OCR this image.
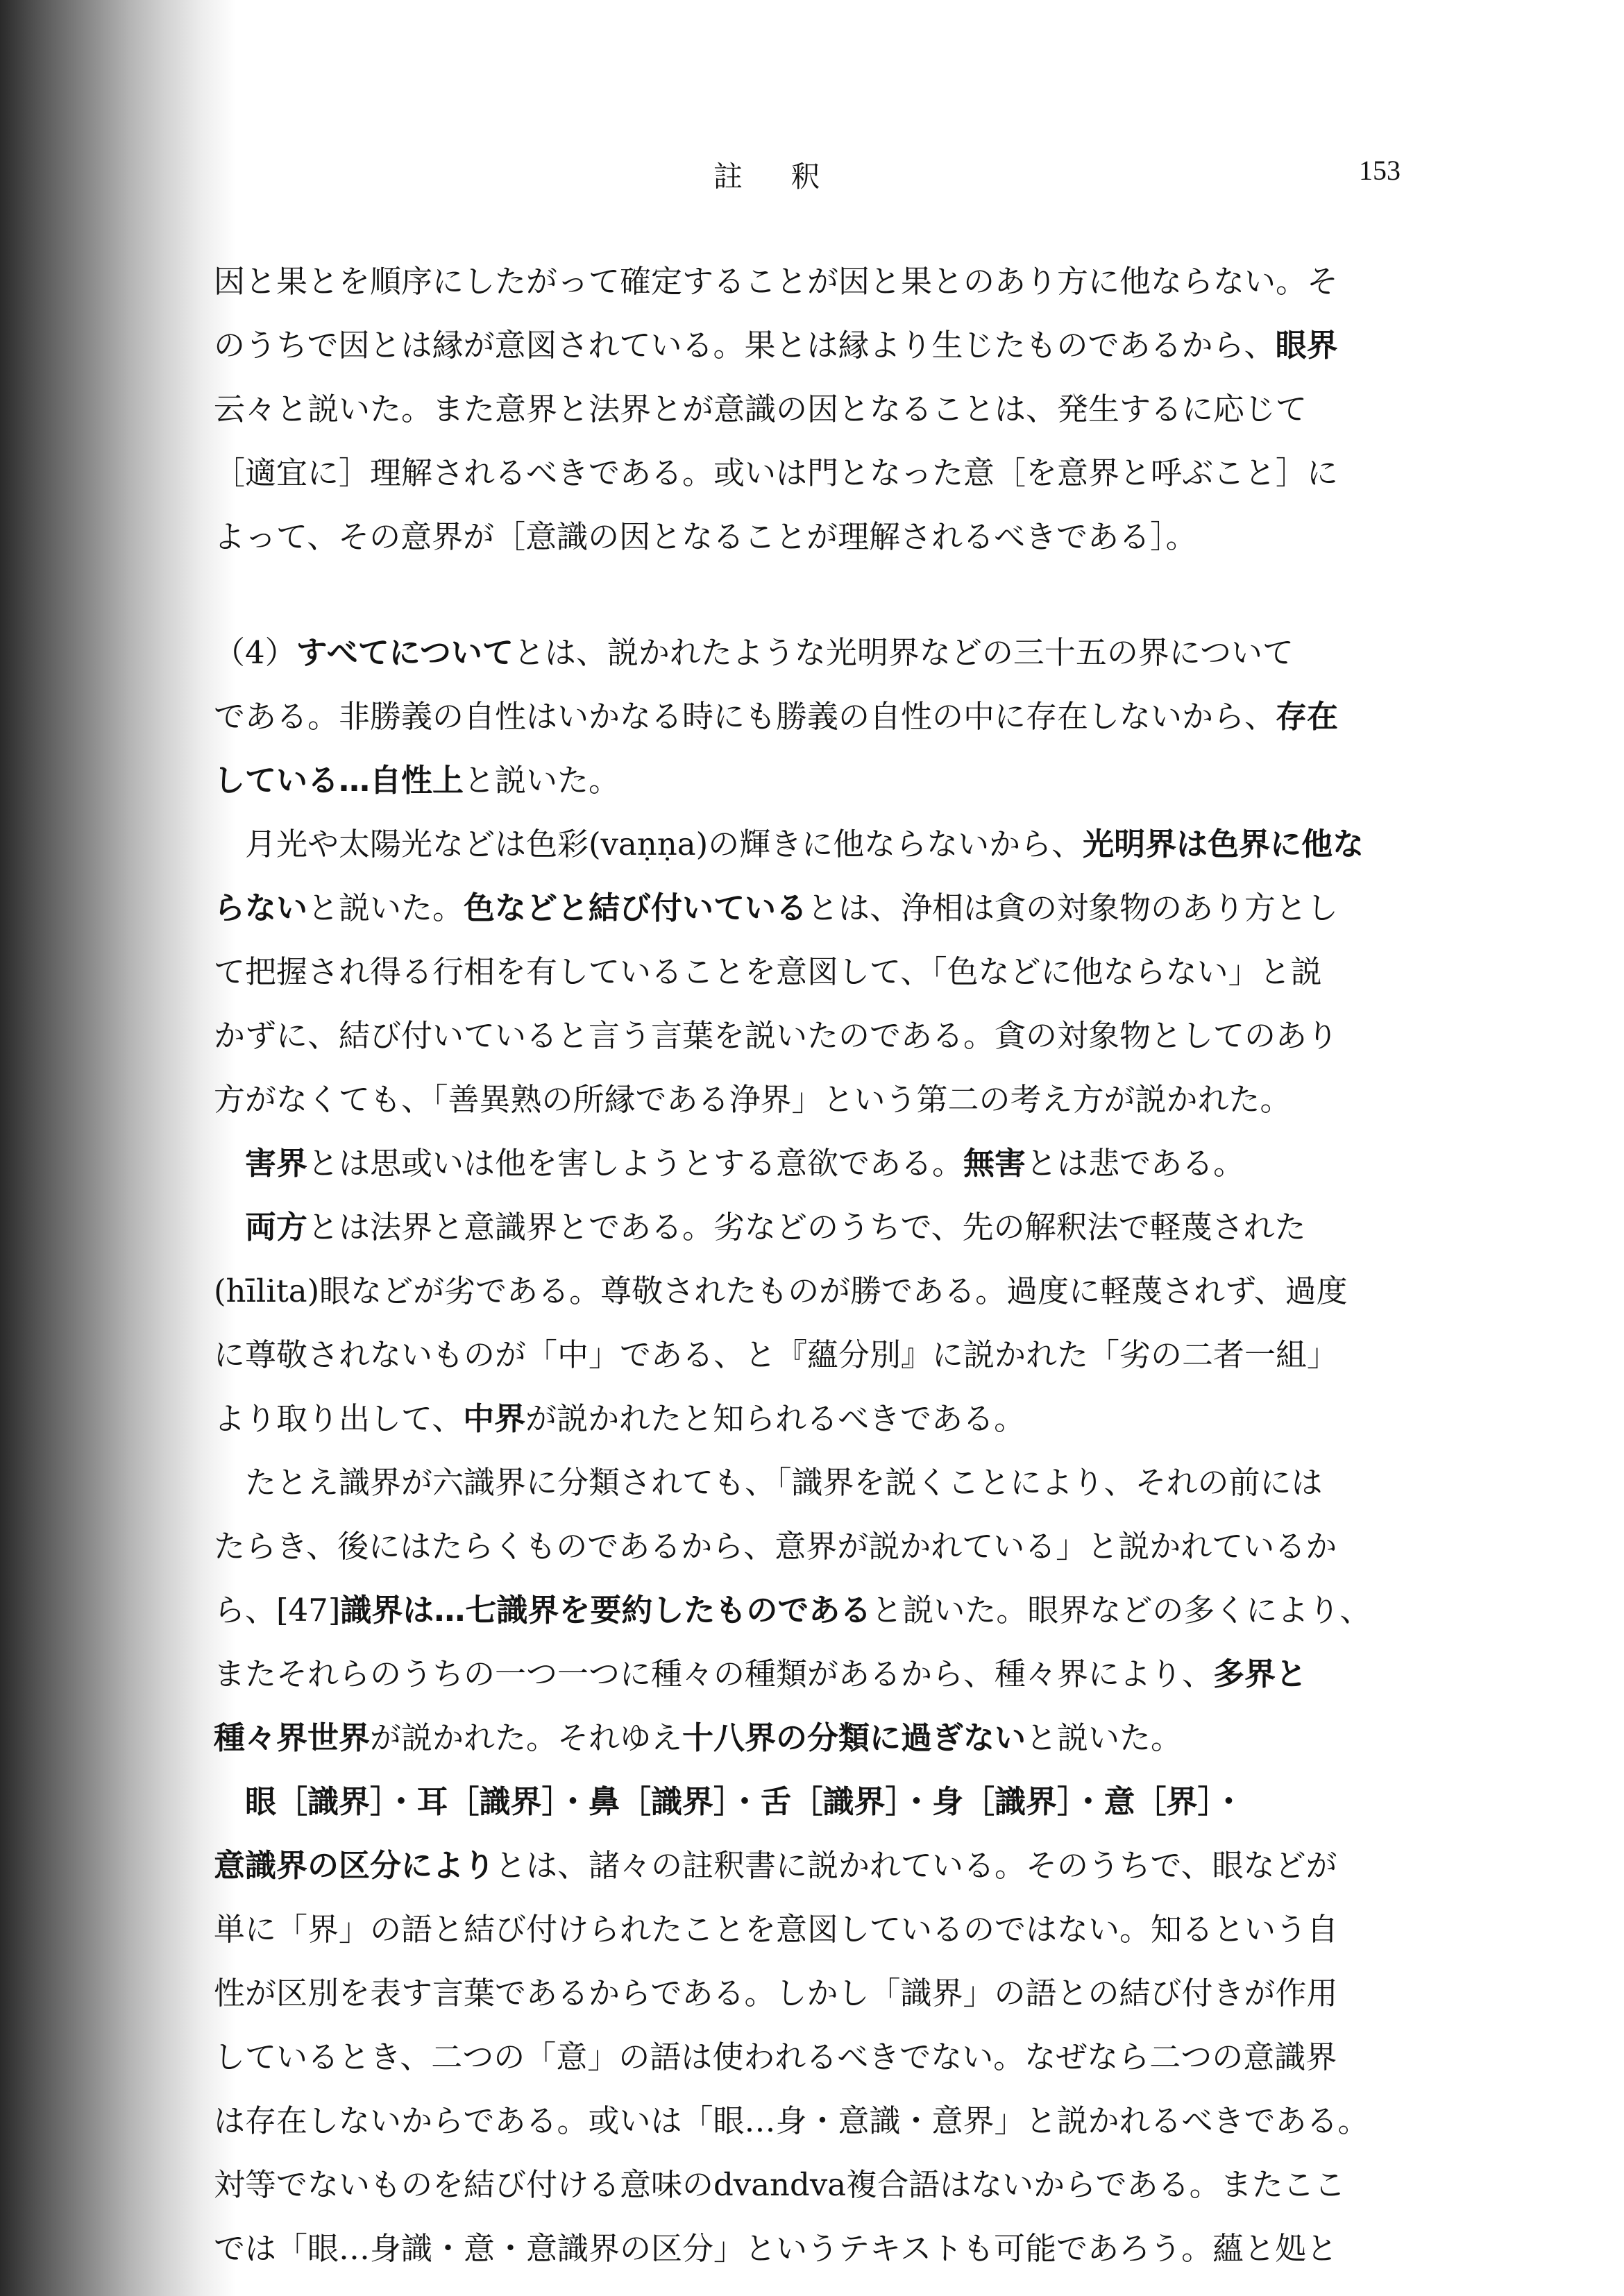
註 釈	153
因と果とを順序にしたがって確定することが因と果とのあり方に他ならない。そ
のうちで因とは縁が意図されている。果とは縁より生じたものであるから、眼界
云々と説いた。また意界と法界とが意識の因となることは、発生するに応じて
［適宜に］理解されるべきである。或いは門となった意［を意界と呼ぶこと］に
よって、その意界が［意識の因となることが理解されるべきである］。
（4）すべてについてとは、説かれたような光明界などの三十五の界について
である。非勝義の自性はいかなる時にも勝義の自性の中に存在しないから、存在
している…自性上と説いた。
　月光や太陽光などは色彩(vaṇṇa)の輝きに他ならないから、光明界は色界に他な
らないと説いた。色などと結び付いているとは、浄相は貪の対象物のあり方とし
て把握され得る行相を有していることを意図して、「色などに他ならない」と説
かずに、結び付いていると言う言葉を説いたのである。貪の対象物としてのあり
方がなくても、「善異熟の所縁である浄界」という第二の考え方が説かれた。
　害界とは思或いは他を害しようとする意欲である。無害とは悲である。
　両方とは法界と意識界とである。劣などのうちで、先の解釈法で軽蔑された
(hīlita)眼などが劣である。尊敬されたものが勝である。過度に軽蔑されず、過度
に尊敬されないものが「中」である、と『蘊分別』に説かれた「劣の二者一組」
より取り出して、中界が説かれたと知られるべきである。
　たとえ識界が六識界に分類されても、「識界を説くことにより、それの前には
たらき、後にはたらくものであるから、意界が説かれている」と説かれているか
ら、[47]識界は…七識界を要約したものであると説いた。眼界などの多くにより、
またそれらのうちの一つ一つに種々の種類があるから、種々界により、多界と
種々界世界が説かれた。それゆえ十八界の分類に過ぎないと説いた。
　眼［識界］・耳［識界］・鼻［識界］・舌［識界］・身［識界］・意［界］・
意識界の区分によりとは、諸々の註釈書に説かれている。そのうちで、眼などが
単に「界」の語と結び付けられたことを意図しているのではない。知るという自
性が区別を表す言葉であるからである。しかし「識界」の語との結び付きが作用
しているとき、二つの「意」の語は使われるべきでない。なぜなら二つの意識界
は存在しないからである。或いは「眼…身・意識・意界」と説かれるべきである。
対等でないものを結び付ける意味のdvandva複合語はないからである。またここ
では「眼…身識・意・意識界の区分」というテキストも可能であろう。蘊と処と
